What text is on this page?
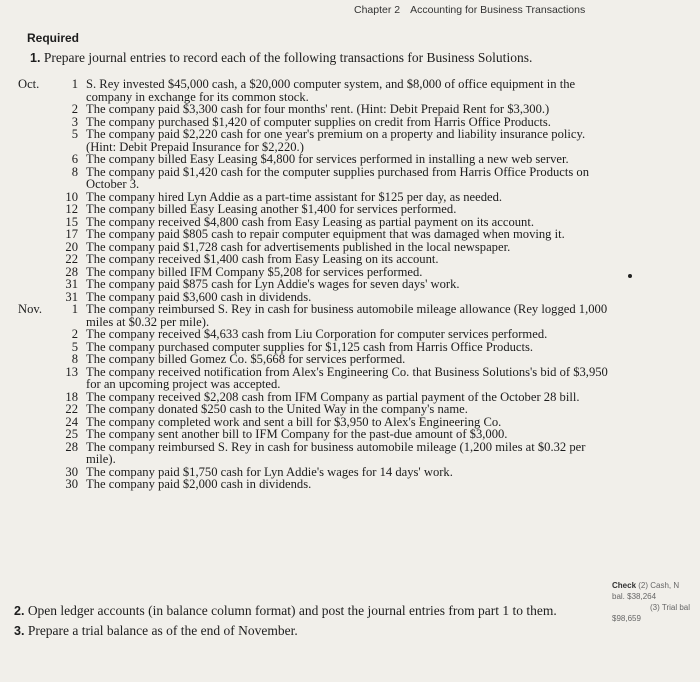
Chapter 2 Accounting for Business Transactions
Required
1. Prepare journal entries to record each of the following transactions for Business Solutions.
Oct.	1 S. Rey invested $45,000 cash, a $20,000 computer system, and $8,000 of office equipment in the company in exchange for its common stock.
2 The company paid $3,300 cash for four months' rent. (Hint: Debit Prepaid Rent for $3,300.)
3 The company purchased $1,420 of computer supplies on credit from Harris Office Products.
5 The company paid $2,220 cash for one year's premium on a property and liability insurance policy. (Hint: Debit Prepaid Insurance for $2,220.)
6 The company billed Easy Leasing $4,800 for services performed in installing a new web server.
8 The company paid $1,420 cash for the computer supplies purchased from Harris Office Products on October 3.
10 The company hired Lyn Addie as a part-time assistant for $125 per day, as needed.
12 The company billed Easy Leasing another $1,400 for services performed.
15 The company received $4,800 cash from Easy Leasing as partial payment on its account.
17 The company paid $805 cash to repair computer equipment that was damaged when moving it.
20 The company paid $1,728 cash for advertisements published in the local newspaper.
22 The company received $1,400 cash from Easy Leasing on its account.
28 The company billed IFM Company $5,208 for services performed.
31 The company paid $875 cash for Lyn Addie's wages for seven days' work.
31 The company paid $3,600 cash in dividends.
Nov.	1 The company reimbursed S. Rey in cash for business automobile mileage allowance (Rey logged 1,000 miles at $0.32 per mile).
2 The company received $4,633 cash from Liu Corporation for computer services performed.
5 The company purchased computer supplies for $1,125 cash from Harris Office Products.
8 The company billed Gomez Co. $5,668 for services performed.
13 The company received notification from Alex's Engineering Co. that Business Solutions's bid of $3,950 for an upcoming project was accepted.
18 The company received $2,208 cash from IFM Company as partial payment of the October 28 bill.
22 The company donated $250 cash to the United Way in the company's name.
24 The company completed work and sent a bill for $3,950 to Alex's Engineering Co.
25 The company sent another bill to IFM Company for the past-due amount of $3,000.
28 The company reimbursed S. Rey in cash for business automobile mileage (1,200 miles at $0.32 per mile).
30 The company paid $1,750 cash for Lyn Addie's wages for 14 days' work.
30 The company paid $2,000 cash in dividends.
2. Open ledger accounts (in balance column format) and post the journal entries from part 1 to them.
3. Prepare a trial balance as of the end of November.
Check (2) Cash, N
bal. $38,264
(3) Trial bal
$98,659
